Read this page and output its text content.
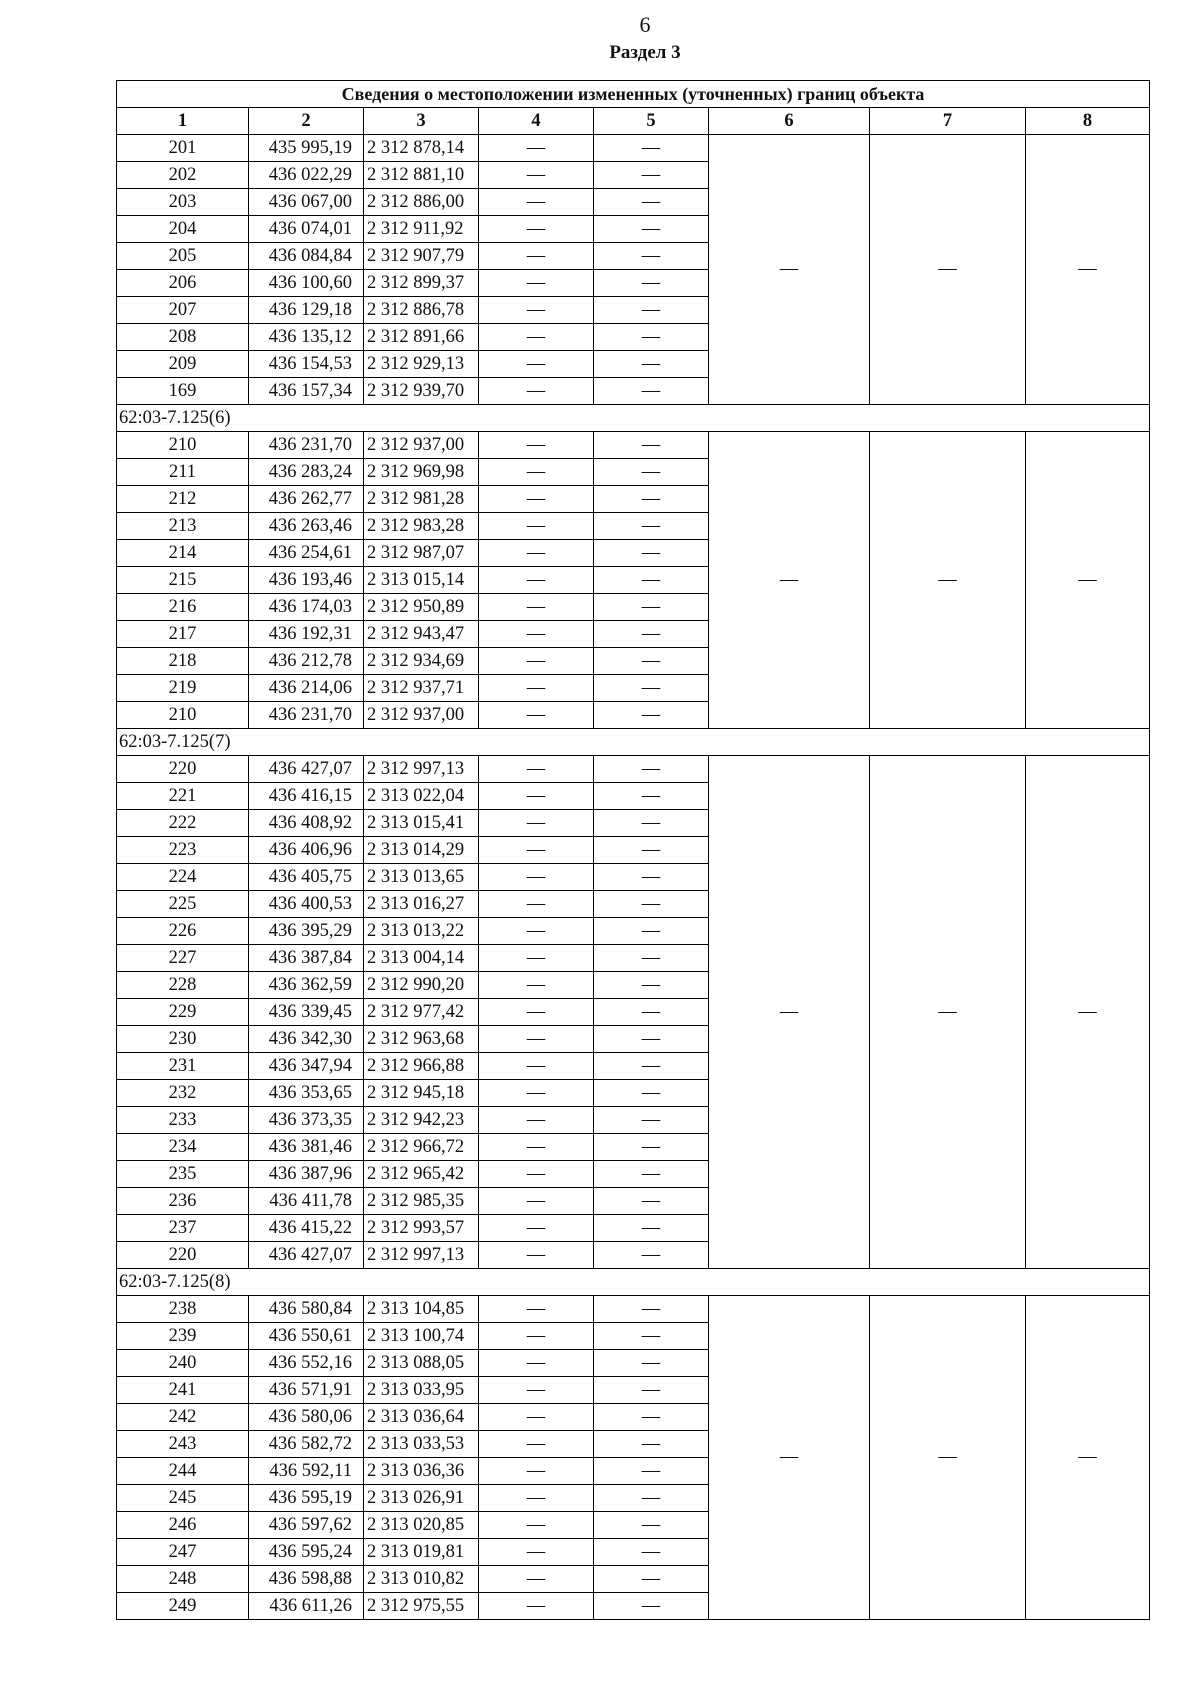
6
Раздел 3
Сведения о местоположении измененных (уточненных) границ объекта							
1	2	3	4	5	6	7	8
201	435 995,19	2 312 878,14	—	—	—	—	—
202	436 022,29	2 312 881,10	—	—			
203	436 067,00	2 312 886,00	—	—			
204	436 074,01	2 312 911,92	—	—			
205	436 084,84	2 312 907,79	—	—			
206	436 100,60	2 312 899,37	—	—			
207	436 129,18	2 312 886,78	—	—			
208	436 135,12	2 312 891,66	—	—			
209	436 154,53	2 312 929,13	—	—			
169	436 157,34	2 312 939,70	—	—			
62:03-7.125(6)							
210	436 231,70	2 312 937,00	—	—	—	—	—
211	436 283,24	2 312 969,98	—	—			
212	436 262,77	2 312 981,28	—	—			
213	436 263,46	2 312 983,28	—	—			
214	436 254,61	2 312 987,07	—	—			
215	436 193,46	2 313 015,14	—	—			
216	436 174,03	2 312 950,89	—	—			
217	436 192,31	2 312 943,47	—	—			
218	436 212,78	2 312 934,69	—	—			
219	436 214,06	2 312 937,71	—	—			
210	436 231,70	2 312 937,00	—	—			
62:03-7.125(7)							
220	436 427,07	2 312 997,13	—	—	—	—	—
221	436 416,15	2 313 022,04	—	—			
222	436 408,92	2 313 015,41	—	—			
223	436 406,96	2 313 014,29	—	—			
224	436 405,75	2 313 013,65	—	—			
225	436 400,53	2 313 016,27	—	—			
226	436 395,29	2 313 013,22	—	—			
227	436 387,84	2 313 004,14	—	—			
228	436 362,59	2 312 990,20	—	—			
229	436 339,45	2 312 977,42	—	—			
230	436 342,30	2 312 963,68	—	—			
231	436 347,94	2 312 966,88	—	—			
232	436 353,65	2 312 945,18	—	—			
233	436 373,35	2 312 942,23	—	—			
234	436 381,46	2 312 966,72	—	—			
235	436 387,96	2 312 965,42	—	—			
236	436 411,78	2 312 985,35	—	—			
237	436 415,22	2 312 993,57	—	—			
220	436 427,07	2 312 997,13	—	—			
62:03-7.125(8)							
238	436 580,84	2 313 104,85	—	—	—	—	—
239	436 550,61	2 313 100,74	—	—			
240	436 552,16	2 313 088,05	—	—			
241	436 571,91	2 313 033,95	—	—			
242	436 580,06	2 313 036,64	—	—			
243	436 582,72	2 313 033,53	—	—			
244	436 592,11	2 313 036,36	—	—			
245	436 595,19	2 313 026,91	—	—			
246	436 597,62	2 313 020,85	—	—			
247	436 595,24	2 313 019,81	—	—			
248	436 598,88	2 313 010,82	—	—			
249	436 611,26	2 312 975,55	—	—			
